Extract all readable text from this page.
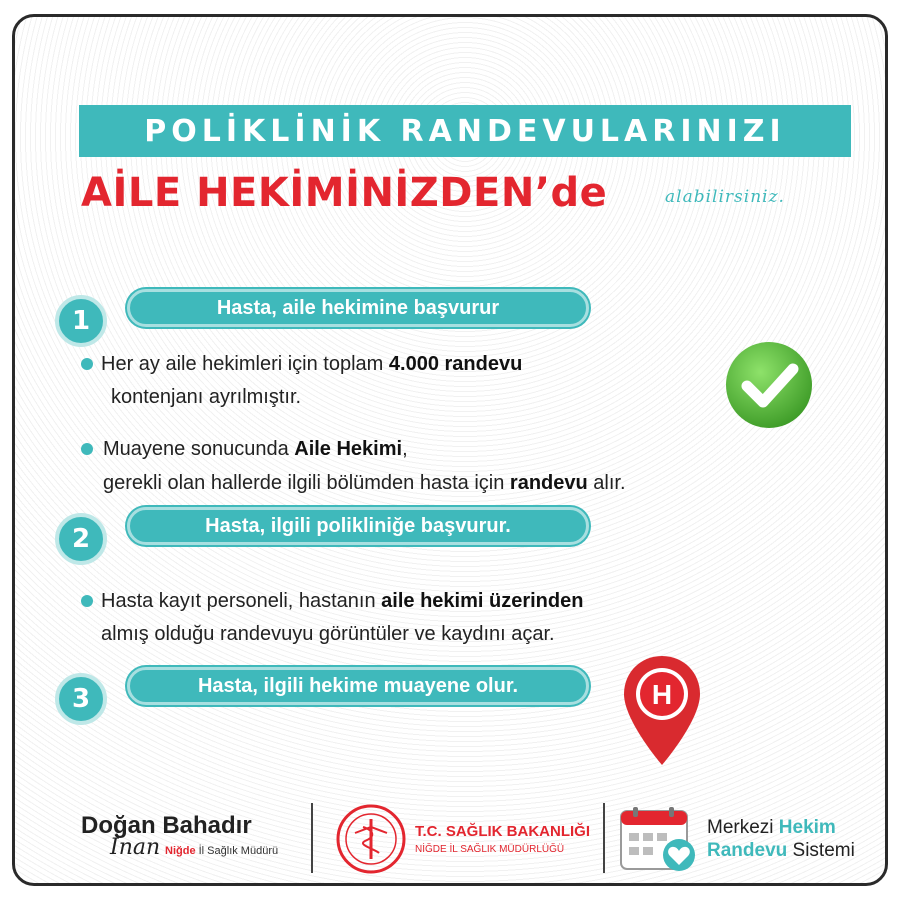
POLİKLİNİK RANDEVULARINIZI
AİLE HEKİMİNİZDEN’de	alabilirsiniz.
1	Hasta, aile hekimine başvurur
Her ay aile hekimleri için toplam 4.000 randevu
kontenjanı ayrılmıştır.
Muayene sonucunda Aile Hekimi,
gerekli olan hallerde ilgili bölümden hasta için randevu alır.
2	Hasta, ilgili polikliniğe başvurur.
Hasta kayıt personeli, hastanın aile hekimi üzerinden
almış olduğu randevuyu görüntüler ve kaydını açar.
3	Hasta, ilgili hekime muayene olur.	H
Doğan Bahadır
İnan Niğde İl Sağlık Müdürü
T.C. SAĞLIK BAKANLIĞI
NİĞDE İL SAĞLIK MÜDÜRLÜĞÜ
Merkezi Hekim
Randevu Sistemi
